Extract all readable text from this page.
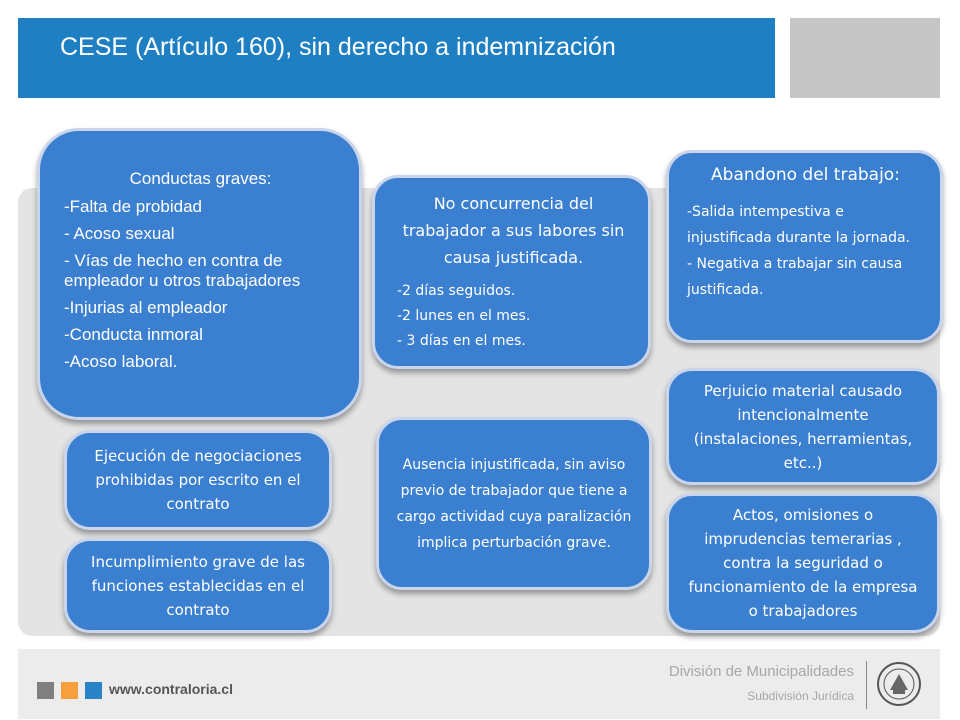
CESE (Artículo 160), sin derecho a indemnización
Conductas graves:
-Falta de probidad
- Acoso sexual
- Vías de hecho en contra de empleador u otros trabajadores
-Injurias al empleador
-Conducta inmoral
-Acoso laboral.
No concurrencia del trabajador a sus labores sin causa justificada.
-2 días seguidos.
-2 lunes en el mes.
- 3 días en el mes.
Abandono del trabajo:
-Salida intempestiva e injustificada durante la jornada.
- Negativa a trabajar sin causa justificada.
Ejecución de negociaciones prohibidas por escrito en el contrato
Incumplimiento grave de las funciones establecidas en el contrato
Ausencia injustificada, sin aviso previo de trabajador que tiene a cargo actividad cuya paralización implica perturbación grave.
Perjuicio material causado intencionalmente (instalaciones, herramientas, etc..)
Actos, omisiones o imprudencias temerarias , contra la seguridad o funcionamiento de la empresa o trabajadores
www.contraloria.cl
División de Municipalidades
Subdivisión Jurídica
